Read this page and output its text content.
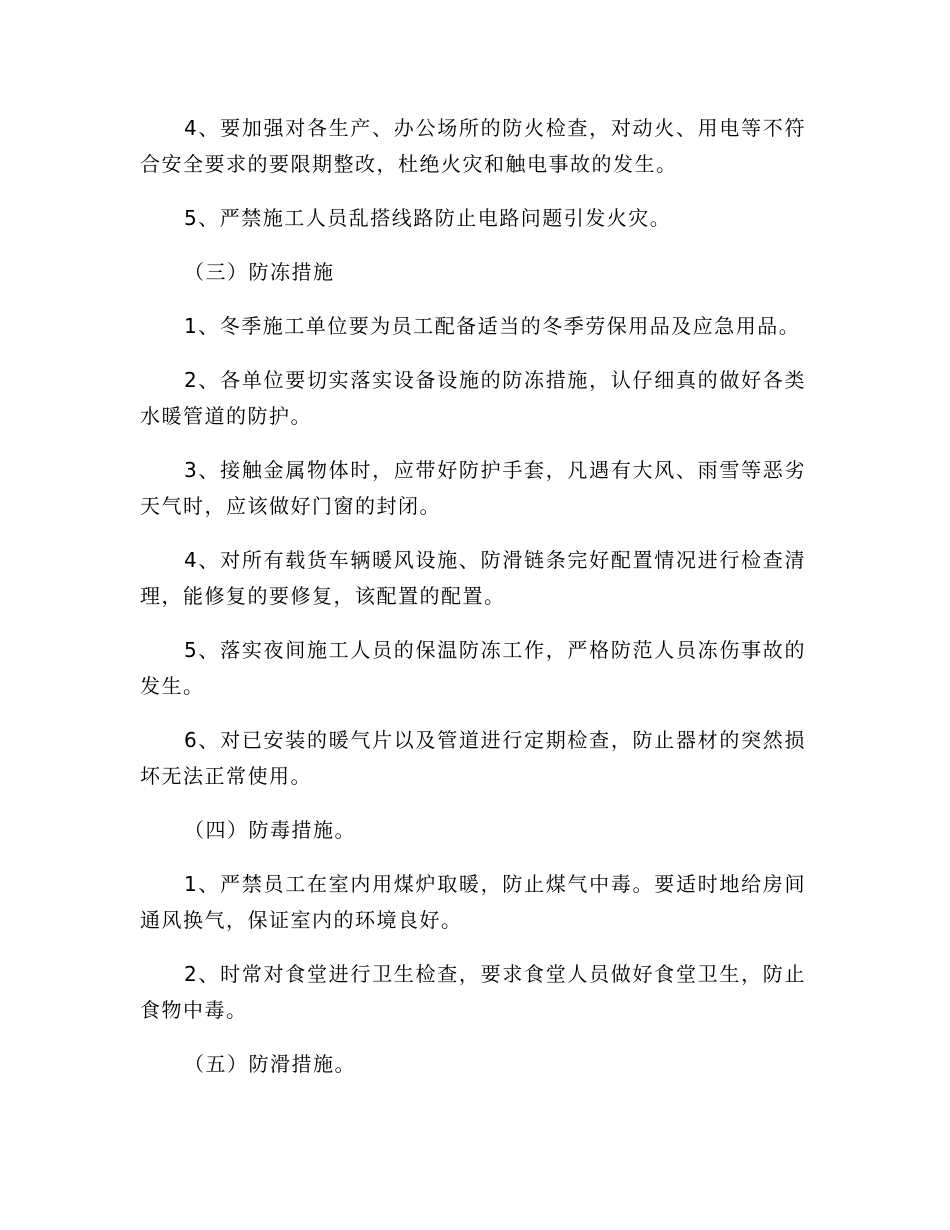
4、要加强对各生产、办公场所的防火检查，对动火、用电等不符合安全要求的要限期整改，杜绝火灾和触电事故的发生。

5、严禁施工人员乱搭线路防止电路问题引发火灾。

（三）防冻措施

1、冬季施工单位要为员工配备适当的冬季劳保用品及应急用品。

2、各单位要切实落实设备设施的防冻措施，认仔细真的做好各类水暖管道的防护。

3、接触金属物体时，应带好防护手套，凡遇有大风、雨雪等恶劣天气时，应该做好门窗的封闭。

4、对所有载货车辆暖风设施、防滑链条完好配置情况进行检查清理，能修复的要修复，该配置的配置。

5、落实夜间施工人员的保温防冻工作，严格防范人员冻伤事故的发生。

6、对已安装的暖气片以及管道进行定期检查，防止器材的突然损坏无法正常使用。

（四）防毒措施。

1、严禁员工在室内用煤炉取暖，防止煤气中毒。要适时地给房间通风换气，保证室内的环境良好。

2、时常对食堂进行卫生检查，要求食堂人员做好食堂卫生，防止食物中毒。

（五）防滑措施。
